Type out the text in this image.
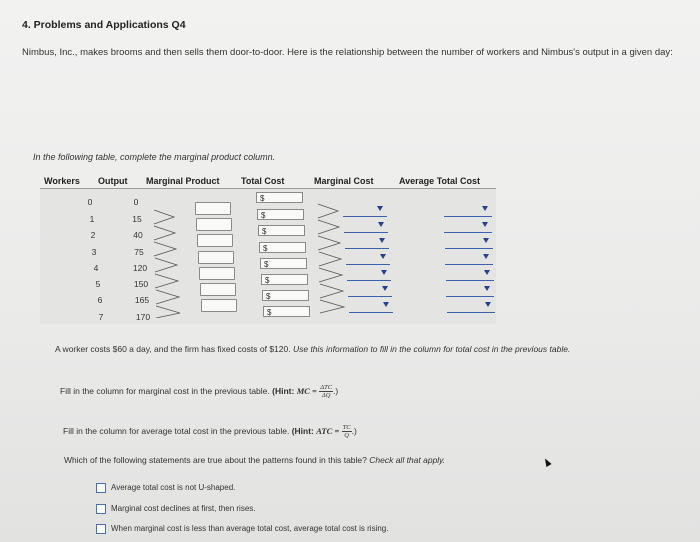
4. Problems and Applications Q4
Nimbus, Inc., makes brooms and then sells them door-to-door. Here is the relationship between the number of workers and Nimbus's output in a given day:
In the following table, complete the marginal product column.
Workers Output Marginal Product Total Cost	Marginal Cost	Average Total Cost
0
1
2
3
4
5
6
7
0
15
40
75
120
150
165
170
$
$
$
$
$
$
$
$
A worker costs $60 a day, and the firm has fixed costs of $120. Use this information to fill in the column for total cost in the previous table.
Fill in the column for marginal cost in the previous table. (Hint: MC = $\frac{\text{ΔTC}}{\Delta Q}$ .)
Fill in the column for average total cost in the previous table. (Hint: ATC = $\frac{TC}{Q}$ .)
Which of the following statements are true about the patterns found in this table? Check all that apply.
Average total cost is not U-shaped.
Marginal cost declines at first, then rises.
When marginal cost is less than average total cost, average total cost is rising.
